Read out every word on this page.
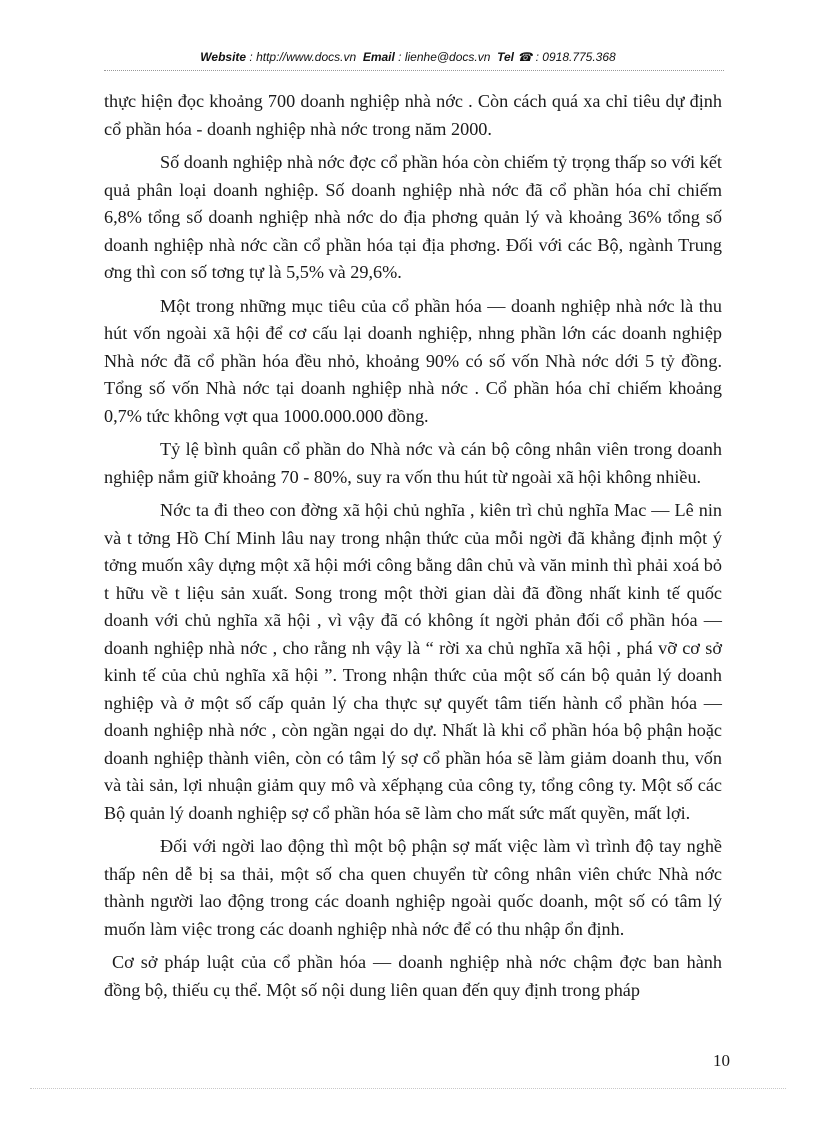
Website : http://www.docs.vn Email : lienhe@docs.vn Tel ☎ : 0918.775.368

thực hiện đọc khoảng 700 doanh nghiệp nhà nớc . Còn cách quá xa chỉ tiêu dự định cổ phần hóa - doanh nghiệp nhà nớc trong năm 2000.

Số doanh nghiệp nhà nớc đợc cổ phần hóa còn chiếm tỷ trọng thấp so với kết quả phân loại doanh nghiệp. Số doanh nghiệp nhà nớc đã cổ phần hóa chỉ chiếm 6,8% tổng số doanh nghiệp nhà nớc do địa phơng quản lý và khoảng 36% tổng số doanh nghiệp nhà nớc cần cổ phần hóa tại địa phơng. Đối với các Bộ, ngành Trung ơng thì con số tơng tự là 5,5% và 29,6%.

Một trong những mục tiêu của cổ phần hóa — doanh nghiệp nhà nớc là thu hút vốn ngoài xã hội để cơ cấu lại doanh nghiệp, nhng phần lớn các doanh nghiệp Nhà nớc đã cổ phần hóa đều nhỏ, khoảng 90% có số vốn Nhà nớc dới 5 tỷ đồng. Tổng số vốn Nhà nớc tại doanh nghiệp nhà nớc . Cổ phần hóa chỉ chiếm khoảng 0,7% tức không vợt qua 1000.000.000 đồng.

Tỷ lệ bình quân cổ phần do Nhà nớc và cán bộ công nhân viên trong doanh nghiệp nắm giữ khoảng 70 - 80%, suy ra vốn thu hút từ ngoài xã hội không nhiều.

Nớc ta đi theo con đờng xã hội chủ nghĩa , kiên trì chủ nghĩa Mac — Lê nin và t tởng Hồ Chí Minh lâu nay trong nhận thức của mỗi ngời đã khẳng định một ý tởng muốn xây dựng một xã hội mới công bằng dân chủ và văn minh thì phải xoá bỏ t hữu về t liệu sản xuất. Song trong một thời gian dài đã đồng nhất kinh tế quốc doanh với chủ nghĩa xã hội , vì vậy đã có không ít ngời phản đối cổ phần hóa — doanh nghiệp nhà nớc , cho rằng nh vậy là “ rời xa chủ nghĩa xã hội , phá vỡ cơ sở kinh tế của chủ nghĩa xã hội ”. Trong nhận thức của một số cán bộ quản lý doanh nghiệp và ở một số cấp quản lý cha thực sự quyết tâm tiến hành cổ phần hóa — doanh nghiệp nhà nớc , còn ngần ngại do dự. Nhất là khi cổ phần hóa bộ phận hoặc doanh nghiệp thành viên, còn có tâm lý sợ cổ phần hóa sẽ làm giảm doanh thu, vốn và tài sản, lợi nhuận giảm quy mô và xếphạng của công ty, tổng công ty. Một số các Bộ quản lý doanh nghiệp sợ cổ phần hóa sẽ làm cho mất sức mất quyền, mất lợi.

Đối với ngời lao động thì một bộ phận sợ mất việc làm vì trình độ tay nghề thấp nên dễ bị sa thải, một số cha quen chuyển từ công nhân viên chức Nhà nớc thành người lao động trong các doanh nghiệp ngoài quốc doanh, một số có tâm lý muốn làm việc trong các doanh nghiệp nhà nớc để có thu nhập ổn định.

Cơ sở pháp luật của cổ phần hóa — doanh nghiệp nhà nớc chậm đợc ban hành đồng bộ, thiếu cụ thể. Một số nội dung liên quan đến quy định trong pháp

10
